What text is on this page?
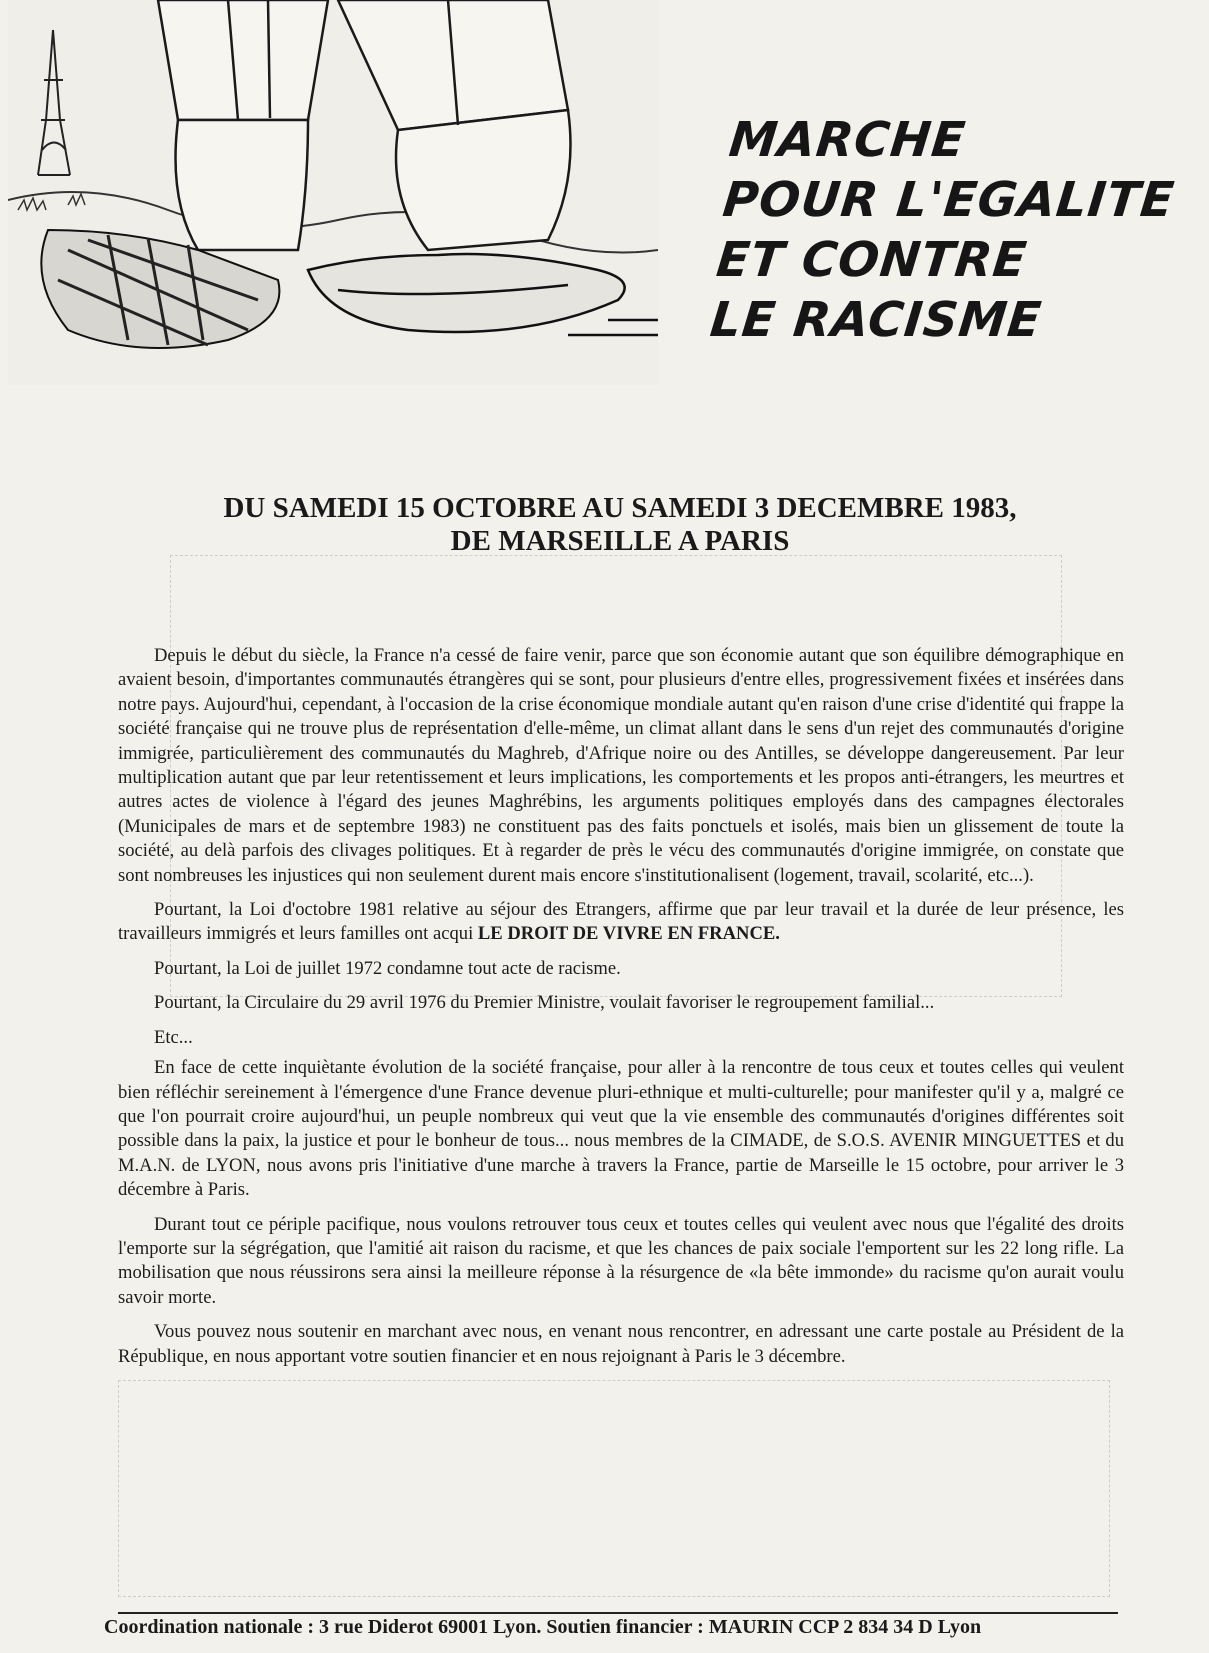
MARCHE
POUR L'EGALITE
ET CONTRE
LE RACISME
DU SAMEDI 15 OCTOBRE AU SAMEDI 3 DECEMBRE 1983,
DE MARSEILLE A PARIS

Depuis le début du siècle, la France n'a cessé de faire venir, parce que son économie autant que son équilibre démographique en avaient besoin, d'importantes communautés étrangères qui se sont, pour plusieurs d'entre elles, progressivement fixées et insérées dans notre pays. Aujourd'hui, cependant, à l'occasion de la crise économique mondiale autant qu'en raison d'une crise d'identité qui frappe la société française qui ne trouve plus de représentation d'elle-même, un climat allant dans le sens d'un rejet des communautés d'origine immigrée, particulièrement des communautés du Maghreb, d'Afrique noire ou des Antilles, se développe dangereusement. Par leur multiplication autant que par leur retentissement et leurs implications, les comportements et les propos anti-étrangers, les meurtres et autres actes de violence à l'égard des jeunes Maghrébins, les arguments politiques employés dans des campagnes électorales (Municipales de mars et de septembre 1983) ne constituent pas des faits ponctuels et isolés, mais bien un glissement de toute la société, au delà parfois des clivages politiques. Et à regarder de près le vécu des communautés d'origine immigrée, on constate que sont nombreuses les injustices qui non seulement durent mais encore s'institutionalisent (logement, travail, scolarité, etc...).

Pourtant, la Loi d'octobre 1981 relative au séjour des Etrangers, affirme que par leur travail et la durée de leur présence, les travailleurs immigrés et leurs familles ont acqui LE DROIT DE VIVRE EN FRANCE.

Pourtant, la Loi de juillet 1972 condamne tout acte de racisme.

Pourtant, la Circulaire du 29 avril 1976 du Premier Ministre, voulait favoriser le regroupement familial...

Etc...

En face de cette inquiètante évolution de la société française, pour aller à la rencontre de tous ceux et toutes celles qui veulent bien réfléchir sereinement à l'émergence d'une France devenue pluri-ethnique et multi-culturelle; pour manifester qu'il y a, malgré ce que l'on pourrait croire aujourd'hui, un peuple nombreux qui veut que la vie ensemble des communautés d'origines différentes soit possible dans la paix, la justice et pour le bonheur de tous... nous membres de la CIMADE, de S.O.S. AVENIR MINGUETTES et du M.A.N. de LYON, nous avons pris l'initiative d'une marche à travers la France, partie de Marseille le 15 octobre, pour arriver le 3 décembre à Paris.

Durant tout ce périple pacifique, nous voulons retrouver tous ceux et toutes celles qui veulent avec nous que l'égalité des droits l'emporte sur la ségrégation, que l'amitié ait raison du racisme, et que les chances de paix sociale l'emportent sur les 22 long rifle. La mobilisation que nous réussirons sera ainsi la meilleure réponse à la résurgence de «la bête immonde» du racisme qu'on aurait voulu savoir morte.

Vous pouvez nous soutenir en marchant avec nous, en venant nous rencontrer, en adressant une carte postale au Président de la République, en nous apportant votre soutien financier et en nous rejoignant à Paris le 3 décembre.

Coordination nationale : 3 rue Diderot 69001 Lyon. Soutien financier : MAURIN CCP 2 834 34 D Lyon
